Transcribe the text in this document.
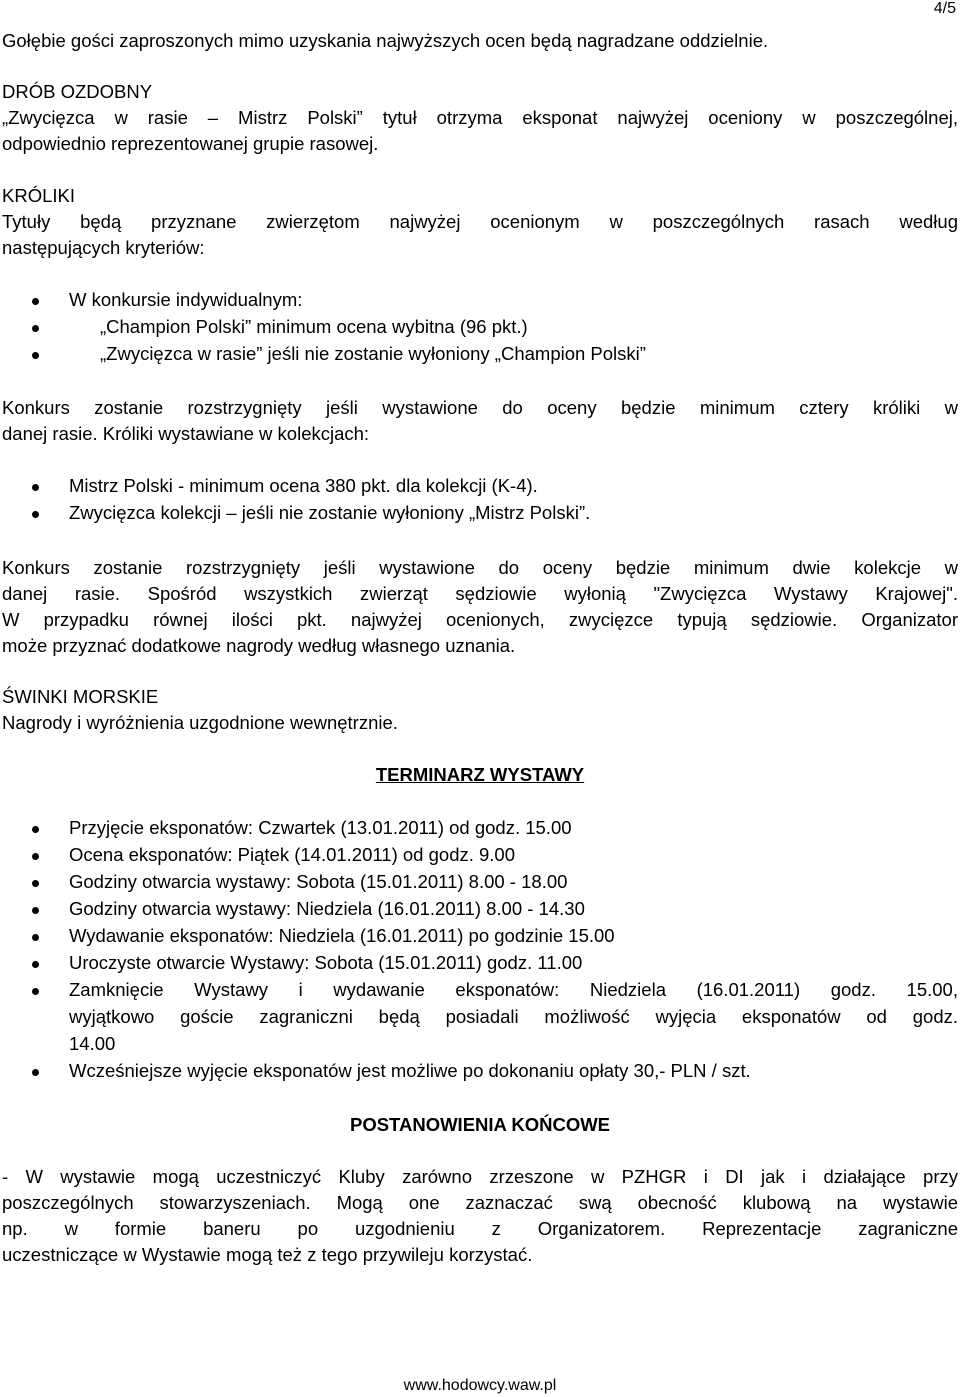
4/5
Gołębie gości zaproszonych mimo uzyskania najwyższych ocen będą nagradzane oddzielnie.
DRÓB OZDOBNY
„Zwycięzca w rasie – Mistrz Polski” tytuł otrzyma eksponat najwyżej oceniony w poszczególnej,
odpowiednio reprezentowanej grupie rasowej.
KRÓLIKI
Tytuły będą przyznane zwierzętom najwyżej ocenionym w poszczególnych rasach według
następujących kryteriów:
W konkursie indywidualnym:
„Champion Polski” minimum ocena wybitna (96 pkt.)
„Zwycięzca w rasie” jeśli nie zostanie wyłoniony „Champion Polski”
Konkurs zostanie rozstrzygnięty jeśli wystawione do oceny będzie minimum cztery króliki w
danej rasie. Króliki wystawiane w kolekcjach:
Mistrz Polski - minimum ocena 380 pkt. dla kolekcji (K-4).
Zwycięzca kolekcji – jeśli nie zostanie wyłoniony „Mistrz Polski”.
Konkurs zostanie rozstrzygnięty jeśli wystawione do oceny będzie minimum dwie kolekcje w
danej rasie. Spośród wszystkich zwierząt sędziowie wyłonią "Zwycięzca Wystawy Krajowej".
W przypadku równej ilości pkt. najwyżej ocenionych, zwycięzce typują sędziowie. Organizator
może przyznać dodatkowe nagrody według własnego uznania.
ŚWINKI MORSKIE
Nagrody i wyróżnienia uzgodnione wewnętrznie.
TERMINARZ WYSTAWY
Przyjęcie eksponatów: Czwartek (13.01.2011) od godz. 15.00
Ocena eksponatów: Piątek (14.01.2011) od godz. 9.00
Godziny otwarcia wystawy: Sobota (15.01.2011) 8.00 - 18.00
Godziny otwarcia wystawy: Niedziela (16.01.2011) 8.00 - 14.30
Wydawanie eksponatów: Niedziela (16.01.2011) po godzinie 15.00
Uroczyste otwarcie Wystawy: Sobota (15.01.2011) godz. 11.00
Zamknięcie Wystawy i wydawanie eksponatów: Niedziela (16.01.2011) godz. 15.00,
wyjątkowo goście zagraniczni będą posiadali możliwość wyjęcia eksponatów od godz.
14.00
Wcześniejsze wyjęcie eksponatów jest możliwe po dokonaniu opłaty 30,- PLN / szt.
POSTANOWIENIA KOŃCOWE
- W wystawie mogą uczestniczyć Kluby zarówno zrzeszone w PZHGR i DI jak i działające przy
poszczególnych stowarzyszeniach. Mogą one zaznaczać swą obecność klubową na wystawie
np. w formie baneru po uzgodnieniu z Organizatorem. Reprezentacje zagraniczne
uczestniczące w Wystawie mogą też z tego przywileju korzystać.
www.hodowcy.waw.pl
